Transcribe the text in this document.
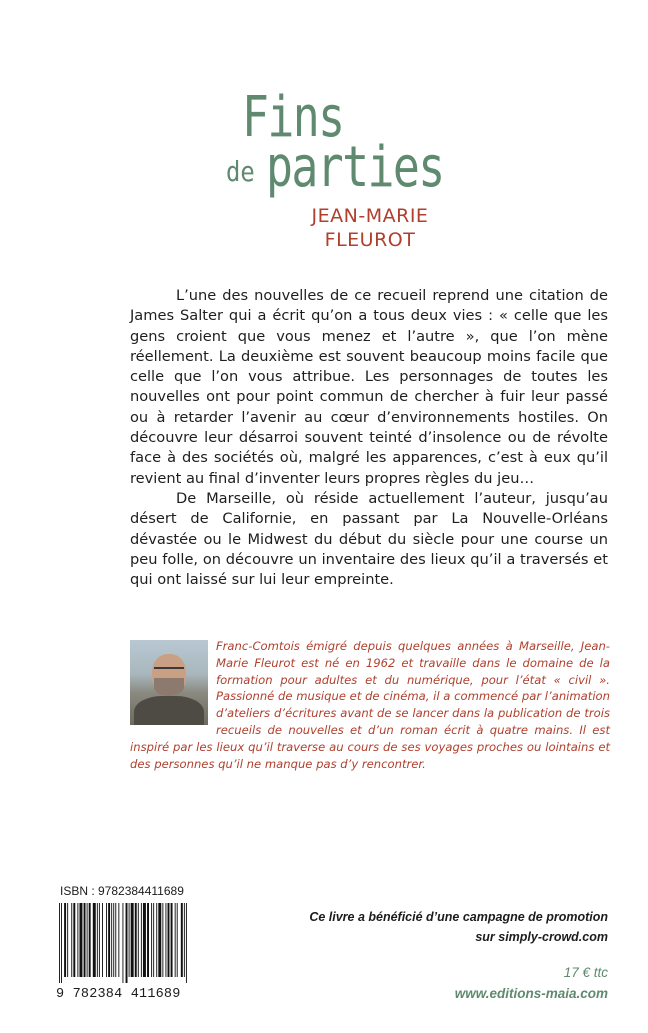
Fins
de parties
JEAN-MARIE
FLEUROT

L’une des nouvelles de ce recueil reprend une citation de James Salter qui a écrit qu’on a tous deux vies : « celle que les gens croient que vous menez et l’autre », que l’on mène réellement. La deuxième est souvent beaucoup moins facile que celle que l’on vous attribue. Les personnages de toutes les nouvelles ont pour point commun de chercher à fuir leur passé ou à retarder l’avenir au cœur d’environnements hostiles. On découvre leur désarroi souvent teinté d’insolence ou de révolte face à des sociétés où, malgré les apparences, c’est à eux qu’il revient au final d’inventer leurs propres règles du jeu…

De Marseille, où réside actuellement l’auteur, jusqu’au désert de Californie, en passant par La Nouvelle-Orléans dévastée ou le Midwest du début du siècle pour une course un peu folle, on découvre un inventaire des lieux qu’il a traversés et qui ont laissé sur lui leur empreinte.

Franc-Comtois émigré depuis quelques années à Marseille, Jean-Marie Fleurot est né en 1962 et travaille dans le domaine de la formation pour adultes et du numérique, pour l’état « civil ». Passionné de musique et de cinéma, il a commencé par l’animation d’ateliers d’écritures avant de se lancer dans la publication de trois recueils de nouvelles et d’un roman écrit à quatre mains. Il est inspiré par les lieux qu’il traverse au cours de ses voyages proches ou lointains et des personnes qu’il ne manque pas d’y rencontrer.

ISBN : 9782384411689
9 782384 411689
Ce livre a bénéficié d’une campagne de promotion
sur simply-crowd.com
17 € ttc
www.editions-maia.com
